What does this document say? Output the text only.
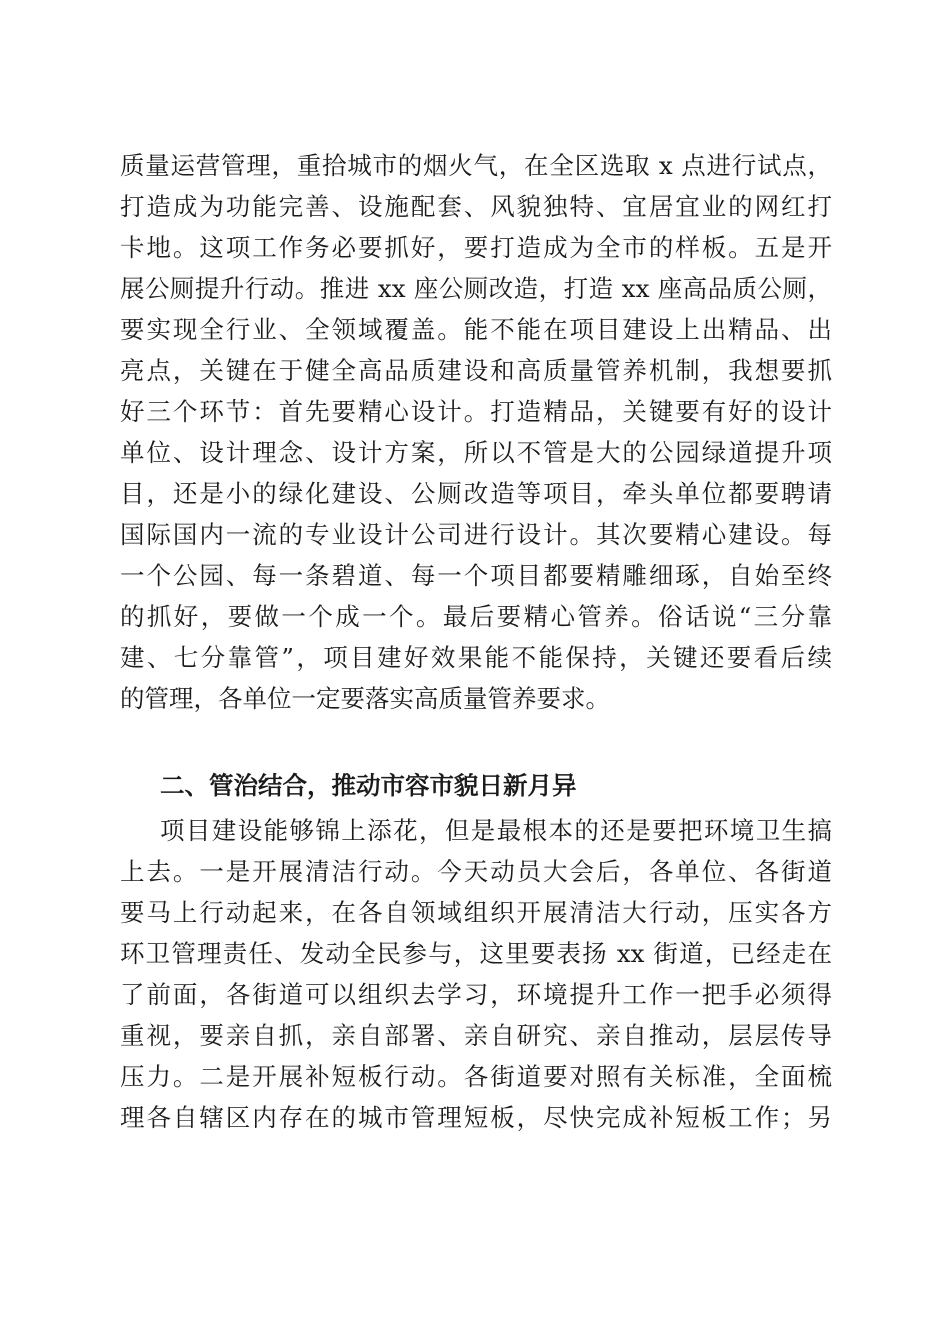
质量运营管理，重拾城市的烟火气，在全区选取 x 点进行试点，
打造成为功能完善、设施配套、风貌独特、宜居宜业的网红打
卡地。这项工作务必要抓好，要打造成为全市的样板。五是开
展公厕提升行动。推进 xx 座公厕改造，打造 xx 座高品质公厕，
要实现全行业、全领域覆盖。能不能在项目建设上出精品、出
亮点，关键在于健全高品质建设和高质量管养机制，我想要抓
好三个环节：首先要精心设计。打造精品，关键要有好的设计
单位、设计理念、设计方案，所以不管是大的公园绿道提升项
目，还是小的绿化建设、公厕改造等项目，牵头单位都要聘请
国际国内一流的专业设计公司进行设计。其次要精心建设。每
一个公园、每一条碧道、每一个项目都要精雕细琢，自始至终
的抓好，要做一个成一个。最后要精心管养。俗话说“三分靠
建、七分靠管”，项目建好效果能不能保持，关键还要看后续
的管理，各单位一定要落实高质量管养要求。
二、管治结合，推动市容市貌日新月异
项目建设能够锦上添花，但是最根本的还是要把环境卫生搞
上去。一是开展清洁行动。今天动员大会后，各单位、各街道
要马上行动起来，在各自领域组织开展清洁大行动，压实各方
环卫管理责任、发动全民参与，这里要表扬 xx 街道，已经走在
了前面，各街道可以组织去学习，环境提升工作一把手必须得
重视，要亲自抓，亲自部署、亲自研究、亲自推动，层层传导
压力。二是开展补短板行动。各街道要对照有关标准，全面梳
理各自辖区内存在的城市管理短板，尽快完成补短板工作；另
